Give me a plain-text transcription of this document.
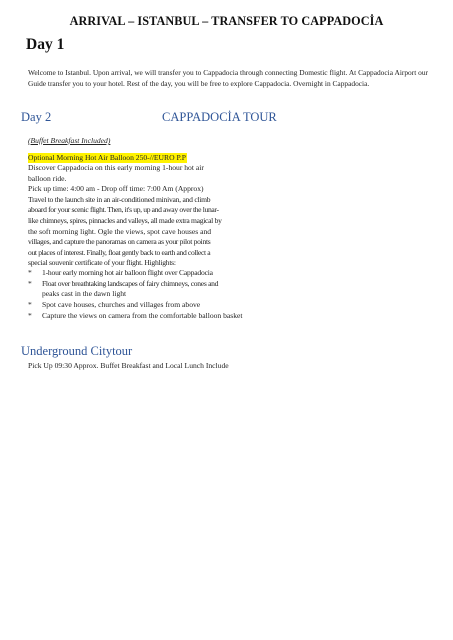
ARRIVAL – ISTANBUL – TRANSFER TO CAPPADOCİA
Day 1
Welcome to Istanbul. Upon arrival, we will transfer you to Cappadocia through connecting Domestic flight. At Cappadocia Airport our Guide transfer you to your hotel. Rest of the day, you will be free to explore Cappadocia. Overnight in Cappadocia.
Day 2	CAPPADOCİA TOUR
(Buffet Breakfast Included)
Optional Morning Hot Air Balloon 250-//EURO P.P
Discover Cappadocia on this early morning 1-hour hot air
balloon ride.
Pick up time: 4:00 am - Drop off time: 7:00 Am (Approx)
Travel to the launch site in an air-conditioned minivan, and climb
aboard for your scenic flight. Then, it's up, up and away over the lunar-
like chimneys, spires, pinnacles and valleys, all made extra magical by
the soft morning light. Ogle the views, spot cave houses and
villages, and capture the panoramas on camera as your pilot points
out places of interest. Finally, float gently back to earth and collect a
special souvenir certificate of your flight. Highlights:
* 1-hour early morning hot air balloon flight over Cappadocia
* Float over breathtaking landscapes of fairy chimneys, cones and
peaks cast in the dawn light
* Spot cave houses, churches and villages from above
* Capture the views on camera from the comfortable balloon basket
Underground Citytour
Pick Up 09:30 Approx. Buffet Breakfast and Local Lunch Include
